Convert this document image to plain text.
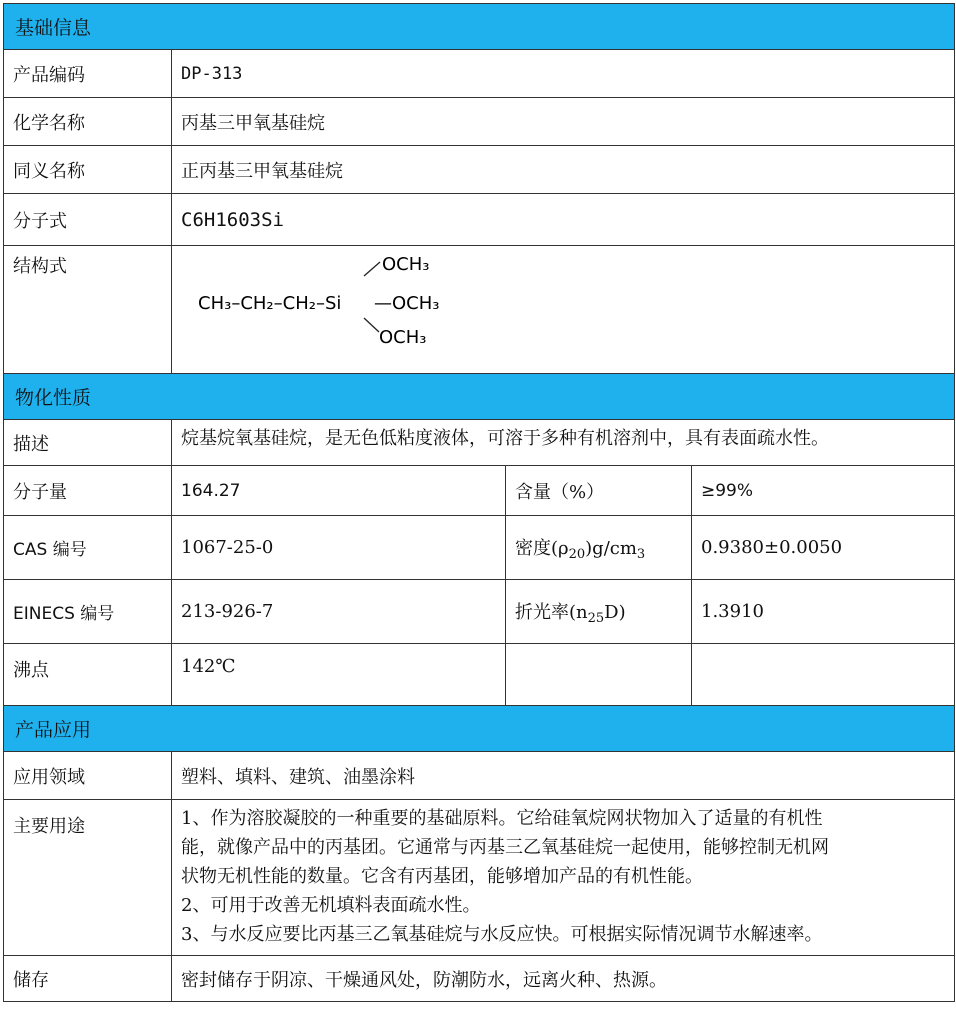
基础信息			
产品编码	DP-313		
化学名称	丙基三甲氧基硅烷		
同义名称	正丙基三甲氧基硅烷		
分子式	C6H1603Si		
结构式	CH₃–CH₂–CH₂–Si
OCH₃
—OCH₃
OCH₃		

物化性质			
描述	烷基烷氧基硅烷，是无色低粘度液体，可溶于多种有机溶剂中，具有表面疏水性。		
分子量	164.27	含量（%）	≥99%
CAS 编号	1067-25-0	密度$(\rho_{20})g/cm_3$	0.9380±0.0050
EINECS 编号	213-926-7	折光率$(n_{25}D)$	1.3910
沸点	142℃		
产品应用			
应用领域	塑料、填料、建筑、油墨涂料		
主要用途	1、作为溶胶凝胶的一种重要的基础原料。它给硅氧烷网状物加入了适量的有机性
能，就像产品中的丙基团。它通常与丙基三乙氧基硅烷一起使用，能够控制无机网
状物无机性能的数量。它含有丙基团，能够增加产品的有机性能。
2、可用于改善无机填料表面疏水性。
3、与水反应要比丙基三乙氧基硅烷与水反应快。可根据实际情况调节水解速率。		

储存	密封储存于阴凉、干燥通风处，防潮防水，远离火种、热源。		
